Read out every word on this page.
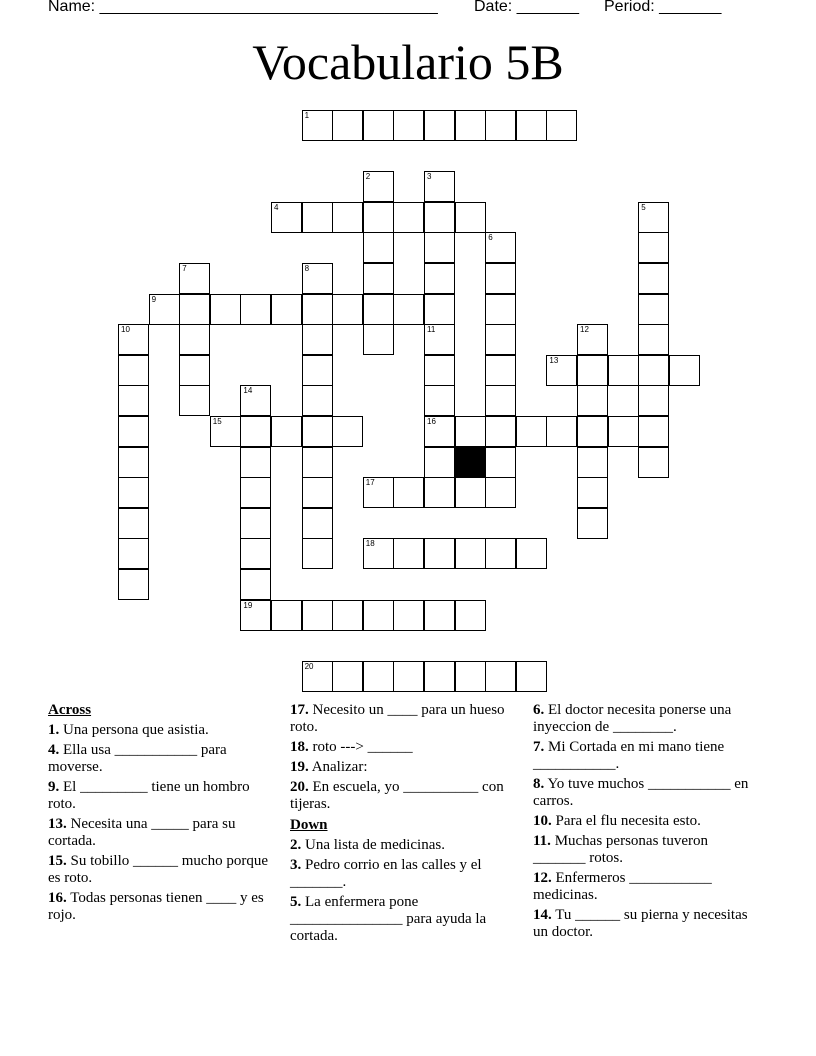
Name: ______________________________________ Date: _______ Period: _______
Vocabulario 5B
1
2	3
4	5
6
7	8
9
10	11
16
12
13
14
19
15
17
18
20
Across
1. Una persona que asistia.
4. Ella usa ___________ para moverse.
9. El _________ tiene un hombro roto.
13. Necesita una _____ para su cortada.
15. Su tobillo ______ mucho porque es roto.
16. Todas personas tienen ____ y es rojo.
17. Necesito un ____ para un hueso roto.
18. roto ---> ______
19. Analizar:
20. En escuela, yo __________ con tijeras.
Down
2. Una lista de medicinas.
3. Pedro corrio en las calles y el _______.
5. La enfermera pone _______________ para ayuda la cortada.
6. El doctor necesita ponerse una inyeccion de ________.
7. Mi Cortada en mi mano tiene ___________.
8. Yo tuve muchos ___________ en carros.
10. Para el flu necesita esto.
11. Muchas personas tuveron _______ rotos.
12. Enfermeros ___________ medicinas.
14. Tu ______ su pierna y necesitas un doctor.
